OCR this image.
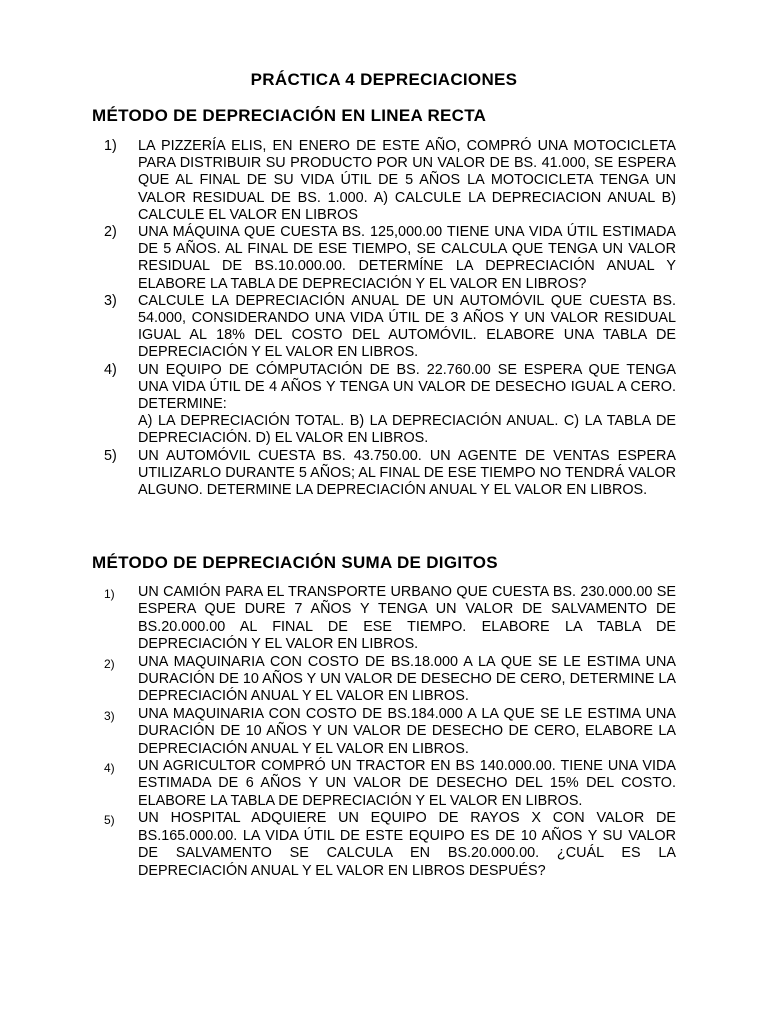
PRÁCTICA 4 DEPRECIACIONES
MÉTODO DE DEPRECIACIÓN EN LINEA RECTA
1)	LA PIZZERÍA ELIS, EN ENERO DE ESTE AÑO, COMPRÓ UNA MOTOCICLETA PARA DISTRIBUIR SU PRODUCTO POR UN VALOR DE BS. 41.000, SE ESPERA QUE AL FINAL DE SU VIDA ÚTIL DE 5 AÑOS LA MOTOCICLETA TENGA UN VALOR RESIDUAL DE BS. 1.000. A) CALCULE LA DEPRECIACION ANUAL B) CALCULE EL VALOR EN LIBROS
2)	UNA MÁQUINA QUE CUESTA BS. 125,000.00 TIENE UNA VIDA ÚTIL ESTIMADA DE 5 AÑOS. AL FINAL DE ESE TIEMPO, SE CALCULA QUE TENGA UN VALOR RESIDUAL DE BS.10.000.00. DETERMÍNE LA DEPRECIACIÓN ANUAL Y ELABORE LA TABLA DE DEPRECIACIÓN Y EL VALOR EN LIBROS?
3)	CALCULE LA DEPRECIACIÓN ANUAL DE UN AUTOMÓVIL QUE CUESTA BS. 54.000, CONSIDERANDO UNA VIDA ÚTIL DE 3 AÑOS Y UN VALOR RESIDUAL IGUAL AL 18% DEL COSTO DEL AUTOMÓVIL. ELABORE UNA TABLA DE DEPRECIACIÓN Y EL VALOR EN LIBROS.
4)	UN EQUIPO DE CÓMPUTACIÓN DE BS. 22.760.00 SE ESPERA QUE TENGA UNA VIDA ÚTIL DE 4 AÑOS Y TENGA UN VALOR DE DESECHO IGUAL A CERO. DETERMINE:
A) LA DEPRECIACIÓN TOTAL. B) LA DEPRECIACIÓN ANUAL. C) LA TABLA DE DEPRECIACIÓN. D) EL VALOR EN LIBROS.
5)	UN AUTOMÓVIL CUESTA BS. 43.750.00. UN AGENTE DE VENTAS ESPERA UTILIZARLO DURANTE 5 AÑOS; AL FINAL DE ESE TIEMPO NO TENDRÁ VALOR ALGUNO. DETERMINE LA DEPRECIACIÓN ANUAL Y EL VALOR EN LIBROS.
MÉTODO DE DEPRECIACIÓN SUMA DE DIGITOS
1)	UN CAMIÓN PARA EL TRANSPORTE URBANO QUE CUESTA BS. 230.000.00 SE ESPERA QUE DURE 7 AÑOS Y TENGA UN VALOR DE SALVAMENTO DE BS.20.000.00 AL FINAL DE ESE TIEMPO. ELABORE LA TABLA DE DEPRECIACIÓN Y EL VALOR EN LIBROS.
2)	UNA MAQUINARIA CON COSTO DE BS.18.000 A LA QUE SE LE ESTIMA UNA DURACIÓN DE 10 AÑOS Y UN VALOR DE DESECHO DE CERO, DETERMINE LA DEPRECIACIÓN ANUAL Y EL VALOR EN LIBROS.
3)	UNA MAQUINARIA CON COSTO DE BS.184.000 A LA QUE SE LE ESTIMA UNA DURACIÓN DE 10 AÑOS Y UN VALOR DE DESECHO DE CERO, ELABORE LA DEPRECIACIÓN ANUAL Y EL VALOR EN LIBROS.
4)	UN AGRICULTOR COMPRÓ UN TRACTOR EN BS 140.000.00. TIENE UNA VIDA ESTIMADA DE 6 AÑOS Y UN VALOR DE DESECHO DEL 15% DEL COSTO. ELABORE LA TABLA DE DEPRECIACIÓN Y EL VALOR EN LIBROS.
5)	UN HOSPITAL ADQUIERE UN EQUIPO DE RAYOS X CON VALOR DE BS.165.000.00. LA VIDA ÚTIL DE ESTE EQUIPO ES DE 10 AÑOS Y SU VALOR DE SALVAMENTO SE CALCULA EN BS.20.000.00. ¿CUÁL ES LA DEPRECIACIÓN ANUAL Y EL VALOR EN LIBROS DESPUÉS?
